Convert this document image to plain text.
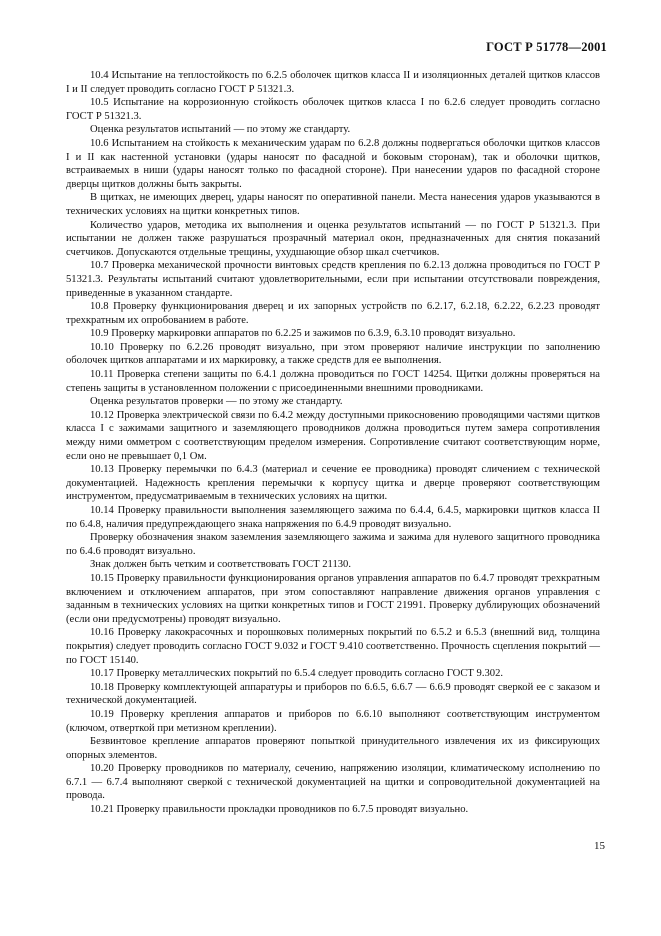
ГОСТ Р 51778—2001

10.4 Испытание на теплостойкость по 6.2.5 оболочек щитков класса II и изоляционных деталей щитков классов I и II следует проводить согласно ГОСТ Р 51321.3.

10.5 Испытание на коррозионную стойкость оболочек щитков класса I по 6.2.6 следует проводить согласно ГОСТ Р 51321.3.

Оценка результатов испытаний — по этому же стандарту.

10.6 Испытанием на стойкость к механическим ударам по 6.2.8 должны подвергаться оболочки щитков классов I и II как настенной установки (удары наносят по фасадной и боковым сторонам), так и оболочки щитков, встраиваемых в ниши (удары наносят только по фасадной стороне). При нанесении ударов по фасадной стороне дверцы щитков должны быть закрыты.

В щитках, не имеющих дверец, удары наносят по оперативной панели. Места нанесения ударов указываются в технических условиях на щитки конкретных типов.

Количество ударов, методика их выполнения и оценка результатов испытаний — по ГОСТ Р 51321.3. При испытании не должен также разрушаться прозрачный материал окон, предназначенных для снятия показаний счетчиков. Допускаются отдельные трещины, ухудшающие обзор шкал счетчиков.

10.7 Проверка механической прочности винтовых средств крепления по 6.2.13 должна проводиться по ГОСТ Р 51321.3. Результаты испытаний считают удовлетворительными, если при испытании отсутствовали повреждения, приведенные в указанном стандарте.

10.8 Проверку функционирования дверец и их запорных устройств по 6.2.17, 6.2.18, 6.2.22, 6.2.23 проводят трехкратным их опробованием в работе.

10.9 Проверку маркировки аппаратов по 6.2.25 и зажимов по 6.3.9, 6.3.10 проводят визуально.

10.10 Проверку по 6.2.26 проводят визуально, при этом проверяют наличие инструкции по заполнению оболочек щитков аппаратами и их маркировку, а также средств для ее выполнения.

10.11 Проверка степени защиты по 6.4.1 должна проводиться по ГОСТ 14254. Щитки должны проверяться на степень защиты в установленном положении с присоединенными внешними проводниками.

Оценка результатов проверки — по этому же стандарту.

10.12 Проверка электрической связи по 6.4.2 между доступными прикосновению проводящими частями щитков класса I с зажимами защитного и заземляющего проводников должна проводиться путем замера сопротивления между ними омметром с соответствующим пределом измерения. Сопротивление считают соответствующим норме, если оно не превышает 0,1 Ом.

10.13 Проверку перемычки по 6.4.3 (материал и сечение ее проводника) проводят сличением с технической документацией. Надежность крепления перемычки к корпусу щитка и дверце проверяют соответствующим инструментом, предусматриваемым в технических условиях на щитки.

10.14 Проверку правильности выполнения заземляющего зажима по 6.4.4, 6.4.5, маркировки щитков класса II по 6.4.8, наличия предупреждающего знака напряжения по 6.4.9 проводят визуально.

Проверку обозначения знаком заземления заземляющего зажима и зажима для нулевого защитного проводника по 6.4.6 проводят визуально.

Знак должен быть четким и соответствовать ГОСТ 21130.

10.15 Проверку правильности функционирования органов управления аппаратов по 6.4.7 проводят трехкратным включением и отключением аппаратов, при этом сопоставляют направление движения органов управления с заданным в технических условиях на щитки конкретных типов и ГОСТ 21991. Проверку дублирующих обозначений (если они предусмотрены) проводят визуально.

10.16 Проверку лакокрасочных и порошковых полимерных покрытий по 6.5.2 и 6.5.3 (внешний вид, толщина покрытия) следует проводить согласно ГОСТ 9.032 и ГОСТ 9.410 соответственно. Прочность сцепления покрытий — по ГОСТ 15140.

10.17 Проверку металлических покрытий по 6.5.4 следует проводить согласно ГОСТ 9.302.

10.18 Проверку комплектующей аппаратуры и приборов по 6.6.5, 6.6.7 — 6.6.9 проводят сверкой ее с заказом и технической документацией.

10.19 Проверку крепления аппаратов и приборов по 6.6.10 выполняют соответствующим инструментом (ключом, отверткой при метизном креплении).

Безвинтовое крепление аппаратов проверяют попыткой принудительного извлечения их из фиксирующих опорных элементов.

10.20 Проверку проводников по материалу, сечению, напряжению изоляции, климатическому исполнению по 6.7.1 — 6.7.4 выполняют сверкой с технической документацией на щитки и сопроводительной документацией на провода.

10.21 Проверку правильности прокладки проводников по 6.7.5 проводят визуально.

15
